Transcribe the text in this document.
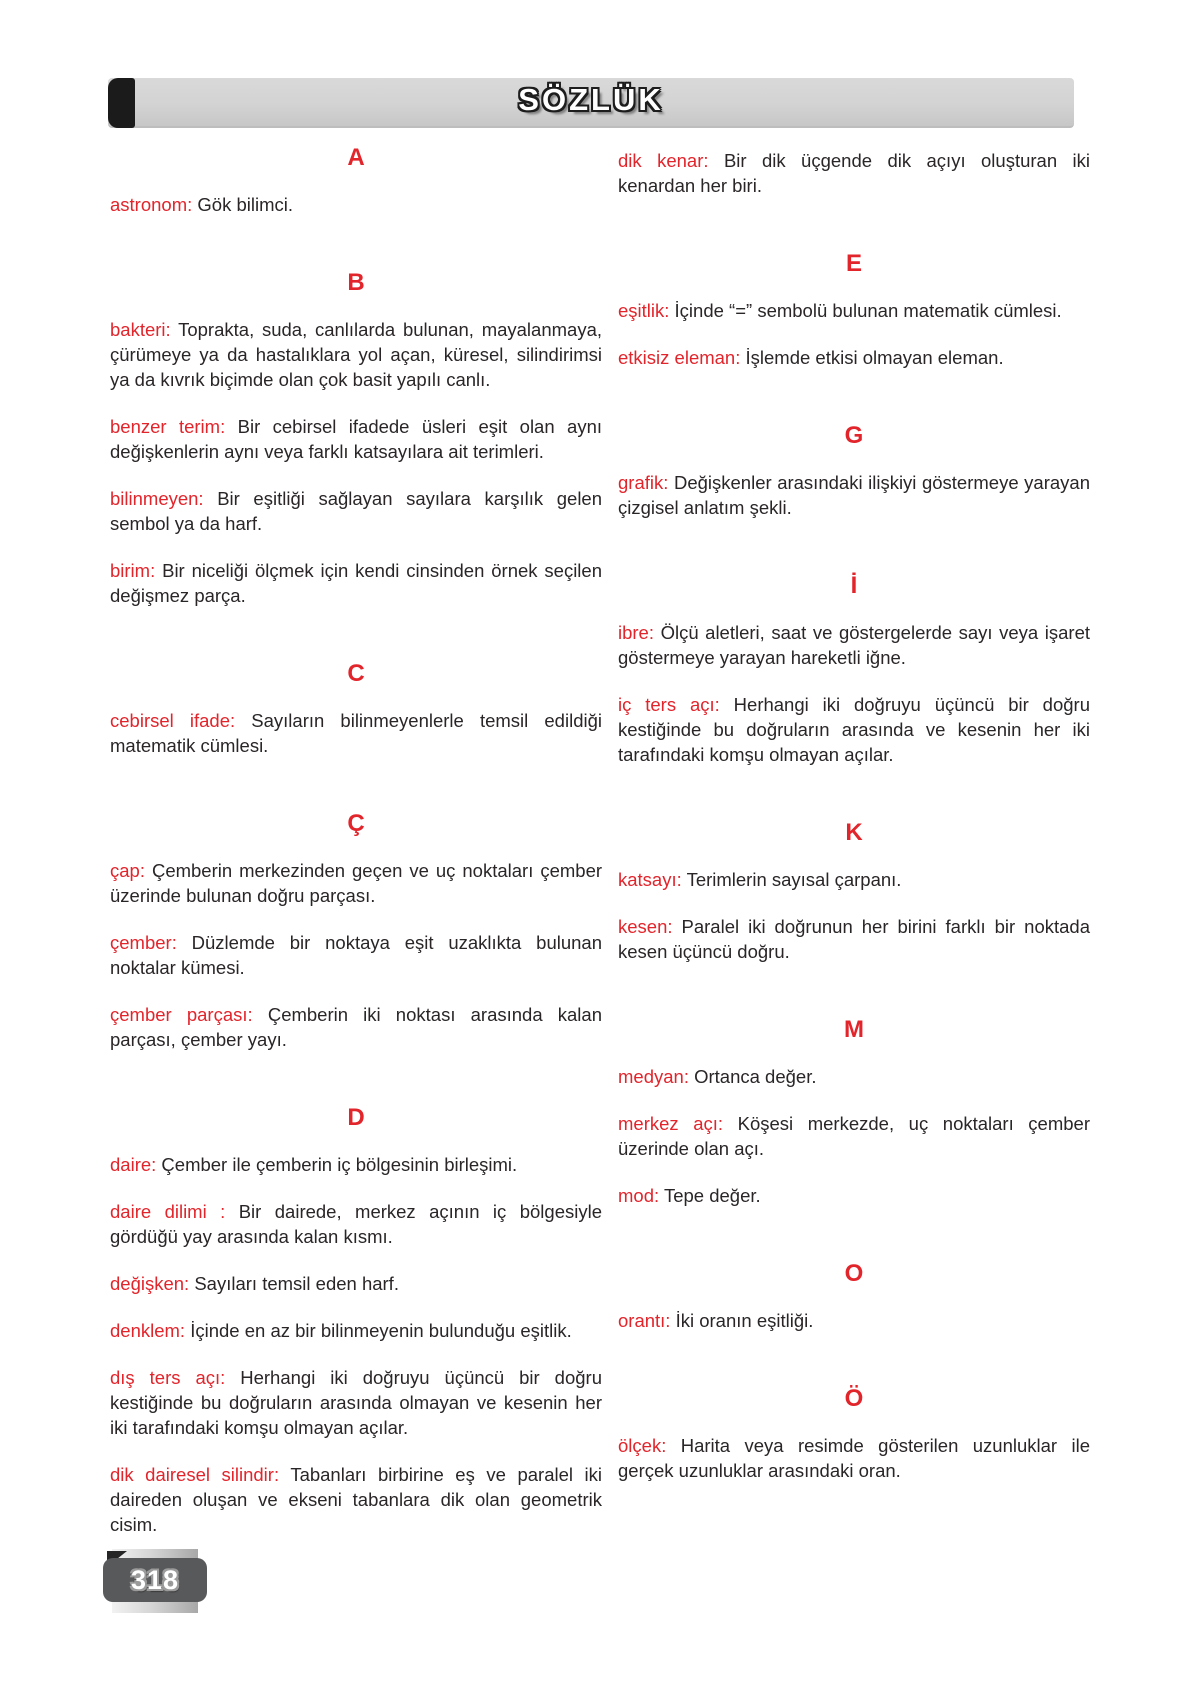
SÖZLÜK
A

astronom: Gök bilimci.

B

bakteri: Toprakta, suda, canlılarda bulunan, mayalanmaya, çürümeye ya da hastalıklara yol açan, küresel, silindirimsi ya da kıvrık biçimde olan çok basit yapılı canlı.

benzer terim: Bir cebirsel ifadede üsleri eşit olan aynı değişkenlerin aynı veya farklı katsayılara ait terimleri.

bilinmeyen: Bir eşitliği sağlayan sayılara karşılık gelen sembol ya da harf.

birim: Bir niceliği ölçmek için kendi cinsinden örnek seçilen değişmez parça.

C

cebirsel ifade: Sayıların bilinmeyenlerle temsil edildiği matematik cümlesi.

Ç

çap: Çemberin merkezinden geçen ve uç noktaları çember üzerinde bulunan doğru parçası.

çember: Düzlemde bir noktaya eşit uzaklıkta bulunan noktalar kümesi.

çember parçası: Çemberin iki noktası arasında kalan parçası, çember yayı.

D

daire: Çember ile çemberin iç bölgesinin birleşimi.

daire dilimi : Bir dairede, merkez açının iç bölgesiyle gördüğü yay arasında kalan kısmı.

değişken: Sayıları temsil eden harf.

denklem: İçinde en az bir bilinmeyenin bulunduğu eşitlik.

dış ters açı: Herhangi iki doğruyu üçüncü bir doğru kestiğinde bu doğruların arasında olmayan ve kesenin her iki tarafındaki komşu olmayan açılar.

dik dairesel silindir: Tabanları birbirine eş ve paralel iki daireden oluşan ve ekseni tabanlara dik olan geometrik cisim.

dik kenar: Bir dik üçgende dik açıyı oluşturan iki kenardan her biri.

E

eşitlik: İçinde “=” sembolü bulunan matematik cümlesi.

etkisiz eleman: İşlemde etkisi olmayan eleman.

G

grafik: Değişkenler arasındaki ilişkiyi göstermeye yarayan çizgisel anlatım şekli.

İ

ibre: Ölçü aletleri, saat ve göstergelerde sayı veya işaret göstermeye yarayan hareketli iğne.

iç ters açı: Herhangi iki doğruyu üçüncü bir doğru kestiğinde bu doğruların arasında ve kesenin her iki tarafındaki komşu olmayan açılar.

K

katsayı: Terimlerin sayısal çarpanı.

kesen: Paralel iki doğrunun her birini farklı bir noktada kesen üçüncü doğru.

M

medyan: Ortanca değer.

merkez açı: Köşesi merkezde, uç noktaları çember üzerinde olan açı.

mod: Tepe değer.

O

orantı: İki oranın eşitliği.

Ö

ölçek: Harita veya resimde gösterilen uzunluklar ile gerçek uzunluklar arasındaki oran.

318
